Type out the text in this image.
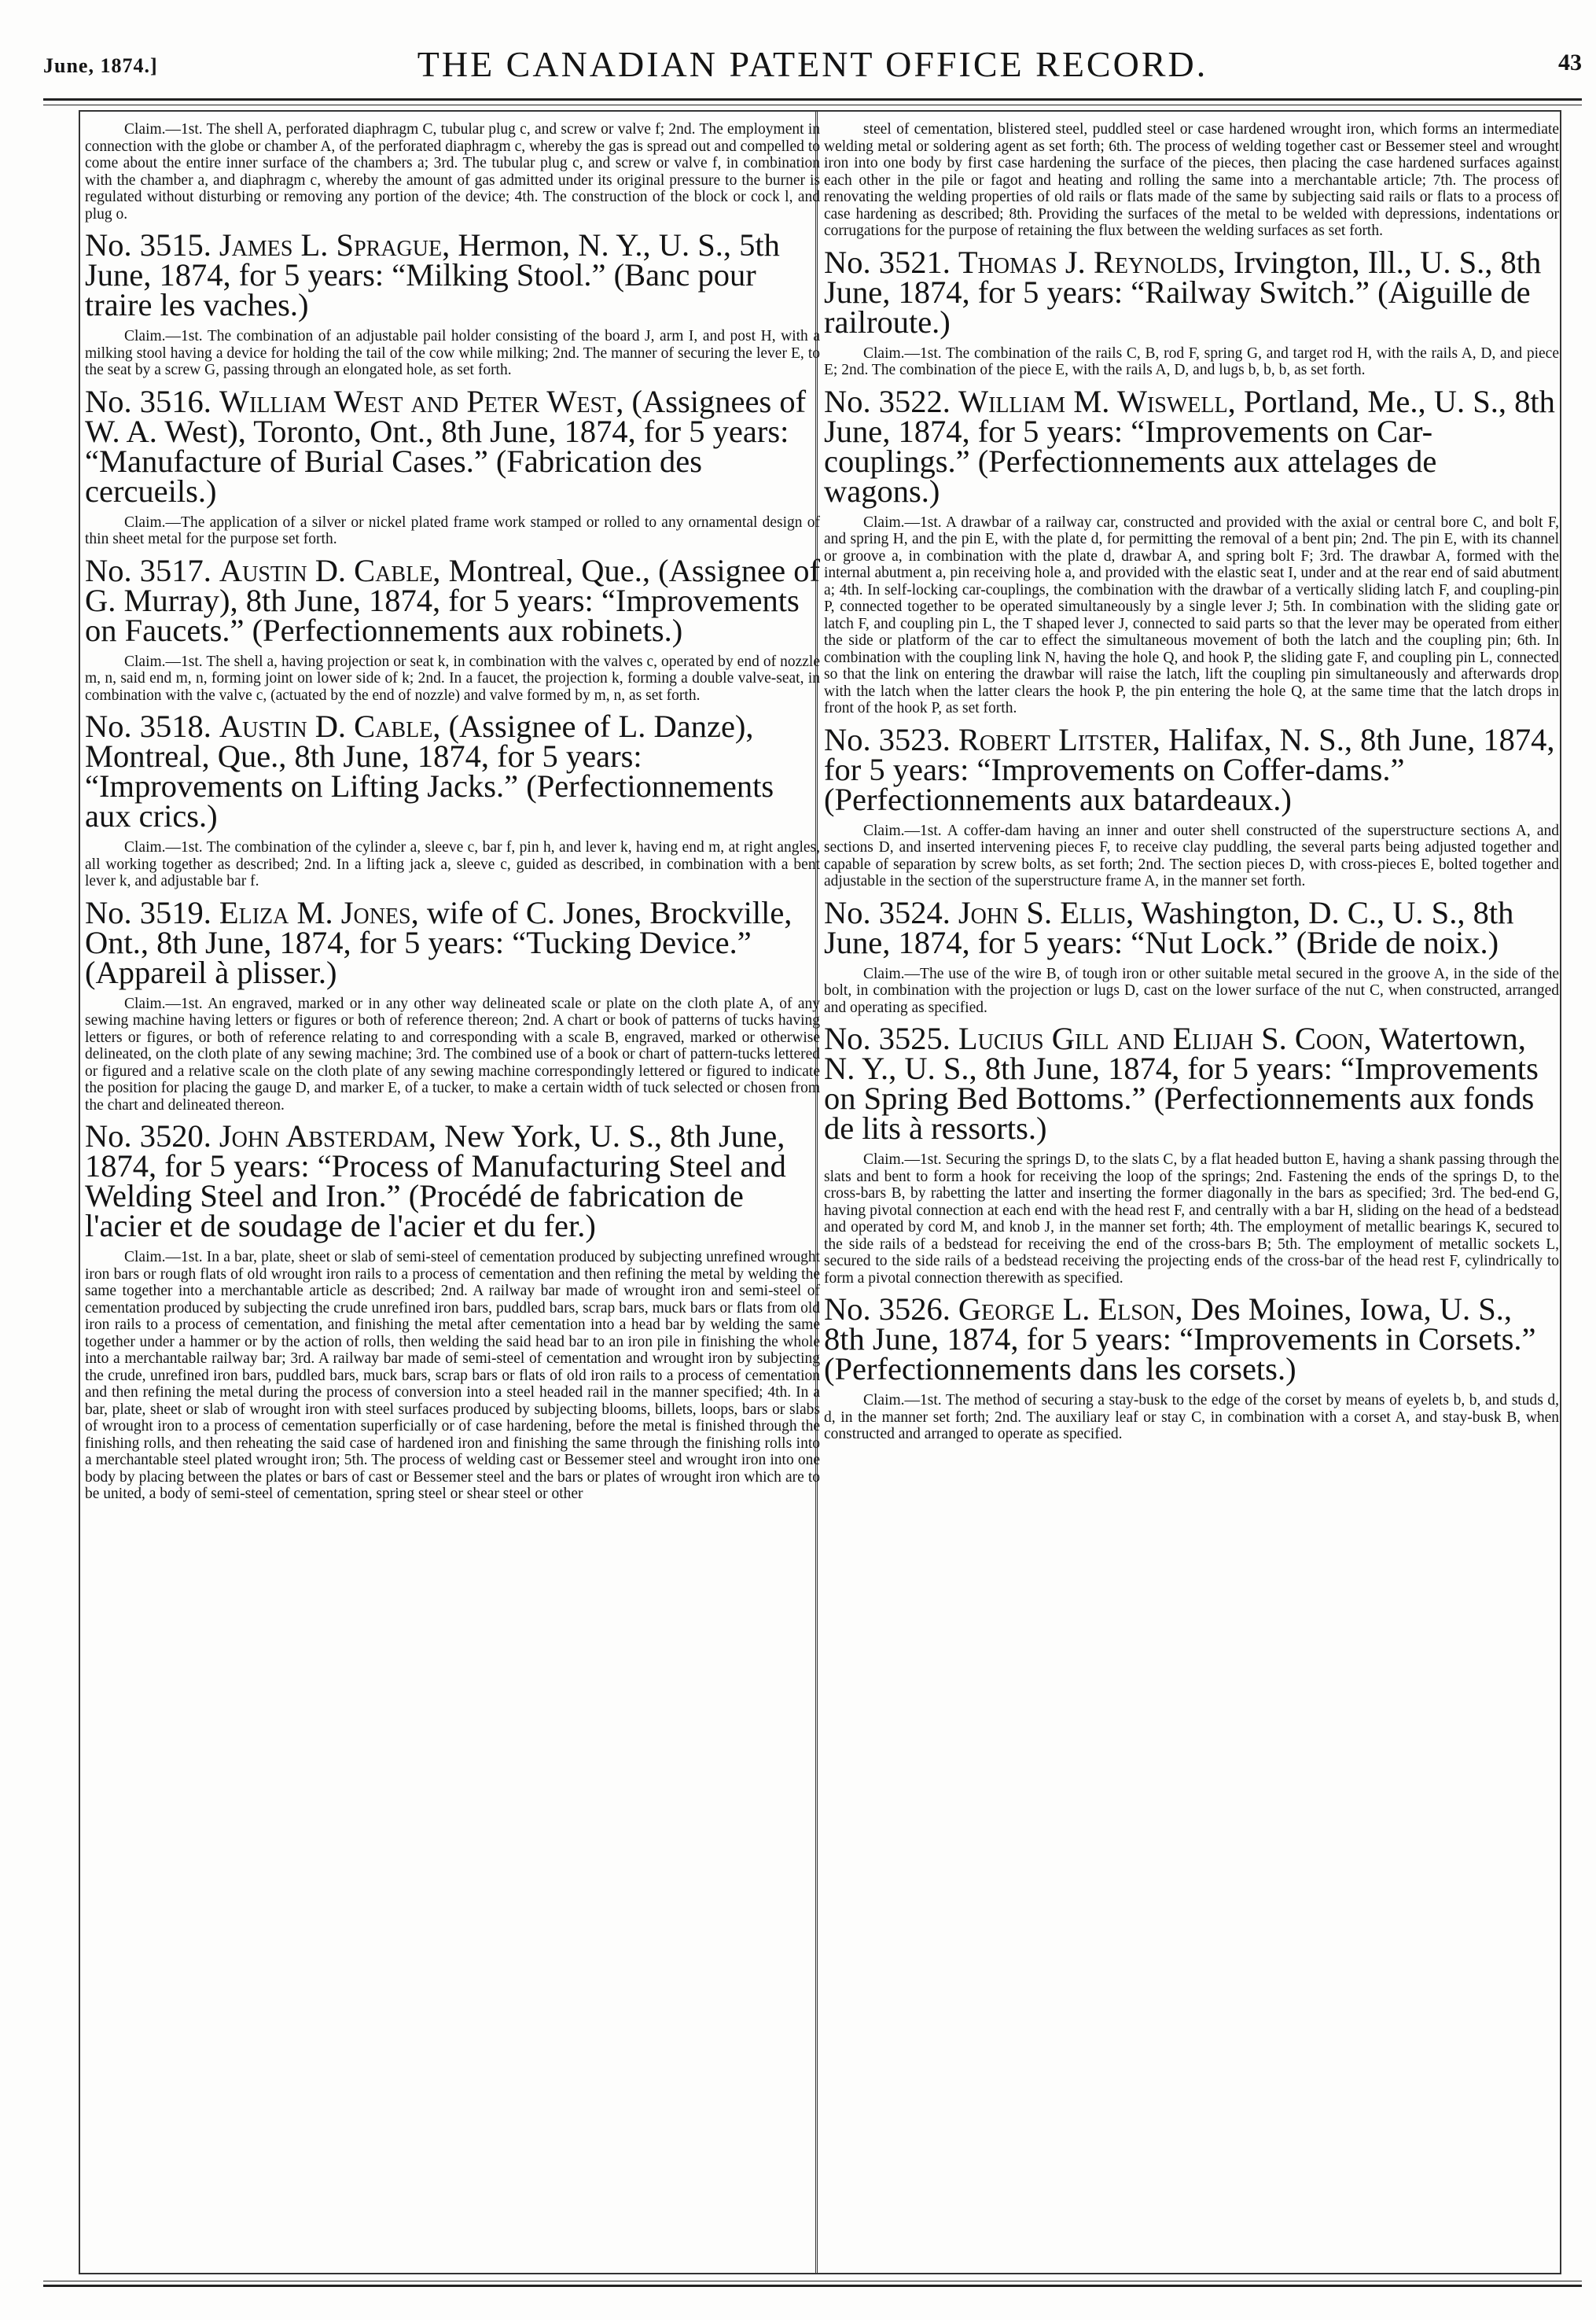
June, 1874.]	THE CANADIAN PATENT OFFICE RECORD.	43

Claim.—1st. The shell A, perforated diaphragm C, tubular plug c, and screw or valve f; 2nd. The employment in connection with the globe or chamber A, of the perforated diaphragm c, whereby the gas is spread out and compelled to come about the entire inner surface of the chambers a; 3rd. The tubular plug c, and screw or valve f, in combination with the chamber a, and diaphragm c, whereby the amount of gas admitted under its original pressure to the burner is regulated without disturbing or removing any portion of the device; 4th. The construction of the block or cock l, and plug o.

No. 3515. James L. Sprague, Hermon, N. Y., U. S., 5th June, 1874, for 5 years: “Milking Stool.” (Banc pour traire les vaches.)

Claim.—1st. The combination of an adjustable pail holder consisting of the board J, arm I, and post H, with a milking stool having a device for holding the tail of the cow while milking; 2nd. The manner of securing the lever E, to the seat by a screw G, passing through an elongated hole, as set forth.

No. 3516. William West and Peter West, (Assignees of W. A. West), Toronto, Ont., 8th June, 1874, for 5 years: “Manufacture of Burial Cases.” (Fabrication des cercueils.)

Claim.—The application of a silver or nickel plated frame work stamped or rolled to any ornamental design of thin sheet metal for the purpose set forth.

No. 3517. Austin D. Cable, Montreal, Que., (Assignee of G. Murray), 8th June, 1874, for 5 years: “Improvements on Faucets.” (Perfectionnements aux robinets.)

Claim.—1st. The shell a, having projection or seat k, in combination with the valves c, operated by end of nozzle m, n, said end m, n, forming joint on lower side of k; 2nd. In a faucet, the projection k, forming a double valve-seat, in combination with the valve c, (actuated by the end of nozzle) and valve formed by m, n, as set forth.

No. 3518. Austin D. Cable, (Assignee of L. Danze), Montreal, Que., 8th June, 1874, for 5 years: “Improvements on Lifting Jacks.” (Perfectionnements aux crics.)

Claim.—1st. The combination of the cylinder a, sleeve c, bar f, pin h, and lever k, having end m, at right angles, all working together as described; 2nd. In a lifting jack a, sleeve c, guided as described, in combination with a bent lever k, and adjustable bar f.

No. 3519. Eliza M. Jones, wife of C. Jones, Brockville, Ont., 8th June, 1874, for 5 years: “Tucking Device.” (Appareil à plisser.)

Claim.—1st. An engraved, marked or in any other way delineated scale or plate on the cloth plate A, of any sewing machine having letters or figures or both of reference thereon; 2nd. A chart or book of patterns of tucks having letters or figures, or both of reference relating to and corresponding with a scale B, engraved, marked or otherwise delineated, on the cloth plate of any sewing machine; 3rd. The combined use of a book or chart of pattern-tucks lettered or figured and a relative scale on the cloth plate of any sewing machine correspondingly lettered or figured to indicate the position for placing the gauge D, and marker E, of a tucker, to make a certain width of tuck selected or chosen from the chart and delineated thereon.

No. 3520. John Absterdam, New York, U. S., 8th June, 1874, for 5 years: “Process of Manufacturing Steel and Welding Steel and Iron.” (Procédé de fabrication de l'acier et de soudage de l'acier et du fer.)

Claim.—1st. In a bar, plate, sheet or slab of semi-steel of cementation produced by subjecting unrefined wrought iron bars or rough flats of old wrought iron rails to a process of cementation and then refining the metal by welding the same together into a merchantable article as described; 2nd. A railway bar made of wrought iron and semi-steel of cementation produced by subjecting the crude unrefined iron bars, puddled bars, scrap bars, muck bars or flats from old iron rails to a process of cementation, and finishing the metal after cementation into a head bar by welding the same together under a hammer or by the action of rolls, then welding the said head bar to an iron pile in finishing the whole into a merchantable railway bar; 3rd. A railway bar made of semi-steel of cementation and wrought iron by subjecting the crude, unrefined iron bars, puddled bars, muck bars, scrap bars or flats of old iron rails to a process of cementation and then refining the metal during the process of conversion into a steel headed rail in the manner specified; 4th. In a bar, plate, sheet or slab of wrought iron with steel surfaces produced by subjecting blooms, billets, loops, bars or slabs of wrought iron to a process of cementation superficially or of case hardening, before the metal is finished through the finishing rolls, and then reheating the said case of hardened iron and finishing the same through the finishing rolls into a merchantable steel plated wrought iron; 5th. The process of welding cast or Bessemer steel and wrought iron into one body by placing between the plates or bars of cast or Bessemer steel and the bars or plates of wrought iron which are to be united, a body of semi-steel of cementation, spring steel or shear steel or other

steel of cementation, blistered steel, puddled steel or case hardened wrought iron, which forms an intermediate welding metal or soldering agent as set forth; 6th. The process of welding together cast or Bessemer steel and wrought iron into one body by first case hardening the surface of the pieces, then placing the case hardened surfaces against each other in the pile or fagot and heating and rolling the same into a merchantable article; 7th. The process of renovating the welding properties of old rails or flats made of the same by subjecting said rails or flats to a process of case hardening as described; 8th. Providing the surfaces of the metal to be welded with depressions, indentations or corrugations for the purpose of retaining the flux between the welding surfaces as set forth.

No. 3521. Thomas J. Reynolds, Irvington, Ill., U. S., 8th June, 1874, for 5 years: “Railway Switch.” (Aiguille de railroute.)

Claim.—1st. The combination of the rails C, B, rod F, spring G, and target rod H, with the rails A, D, and piece E; 2nd. The combination of the piece E, with the rails A, D, and lugs b, b, b, as set forth.

No. 3522. William M. Wiswell, Portland, Me., U. S., 8th June, 1874, for 5 years: “Improvements on Car-couplings.” (Perfectionnements aux attelages de wagons.)

Claim.—1st. A drawbar of a railway car, constructed and provided with the axial or central bore C, and bolt F, and spring H, and the pin E, with the plate d, for permitting the removal of a bent pin; 2nd. The pin E, with its channel or groove a, in combination with the plate d, drawbar A, and spring bolt F; 3rd. The drawbar A, formed with the internal abutment a, pin receiving hole a, and provided with the elastic seat I, under and at the rear end of said abutment a; 4th. In self-locking car-couplings, the combination with the drawbar of a vertically sliding latch F, and coupling-pin P, connected together to be operated simultaneously by a single lever J; 5th. In combination with the sliding gate or latch F, and coupling pin L, the T shaped lever J, connected to said parts so that the lever may be operated from either the side or platform of the car to effect the simultaneous movement of both the latch and the coupling pin; 6th. In combination with the coupling link N, having the hole Q, and hook P, the sliding gate F, and coupling pin L, connected so that the link on entering the drawbar will raise the latch, lift the coupling pin simultaneously and afterwards drop with the latch when the latter clears the hook P, the pin entering the hole Q, at the same time that the latch drops in front of the hook P, as set forth.

No. 3523. Robert Litster, Halifax, N. S., 8th June, 1874, for 5 years: “Improvements on Coffer-dams.” (Perfectionnements aux batardeaux.)

Claim.—1st. A coffer-dam having an inner and outer shell constructed of the superstructure sections A, and sections D, and inserted intervening pieces F, to receive clay puddling, the several parts being adjusted together and capable of separation by screw bolts, as set forth; 2nd. The section pieces D, with cross-pieces E, bolted together and adjustable in the section of the superstructure frame A, in the manner set forth.

No. 3524. John S. Ellis, Washington, D. C., U. S., 8th June, 1874, for 5 years: “Nut Lock.” (Bride de noix.)

Claim.—The use of the wire B, of tough iron or other suitable metal secured in the groove A, in the side of the bolt, in combination with the projection or lugs D, cast on the lower surface of the nut C, when constructed, arranged and operating as specified.

No. 3525. Lucius Gill and Elijah S. Coon, Watertown, N. Y., U. S., 8th June, 1874, for 5 years: “Improvements on Spring Bed Bottoms.” (Perfectionnements aux fonds de lits à ressorts.)

Claim.—1st. Securing the springs D, to the slats C, by a flat headed button E, having a shank passing through the slats and bent to form a hook for receiving the loop of the springs; 2nd. Fastening the ends of the springs D, to the cross-bars B, by rabetting the latter and inserting the former diagonally in the bars as specified; 3rd. The bed-end G, having pivotal connection at each end with the head rest F, and centrally with a bar H, sliding on the head of a bedstead and operated by cord M, and knob J, in the manner set forth; 4th. The employment of metallic bearings K, secured to the side rails of a bedstead for receiving the end of the cross-bars B; 5th. The employment of metallic sockets L, secured to the side rails of a bedstead receiving the projecting ends of the cross-bar of the head rest F, cylindrically to form a pivotal connection therewith as specified.

No. 3526. George L. Elson, Des Moines, Iowa, U. S., 8th June, 1874, for 5 years: “Improvements in Corsets.” (Perfectionnements dans les corsets.)

Claim.—1st. The method of securing a stay-busk to the edge of the corset by means of eyelets b, b, and studs d, d, in the manner set forth; 2nd. The auxiliary leaf or stay C, in combination with a corset A, and stay-busk B, when constructed and arranged to operate as specified.
